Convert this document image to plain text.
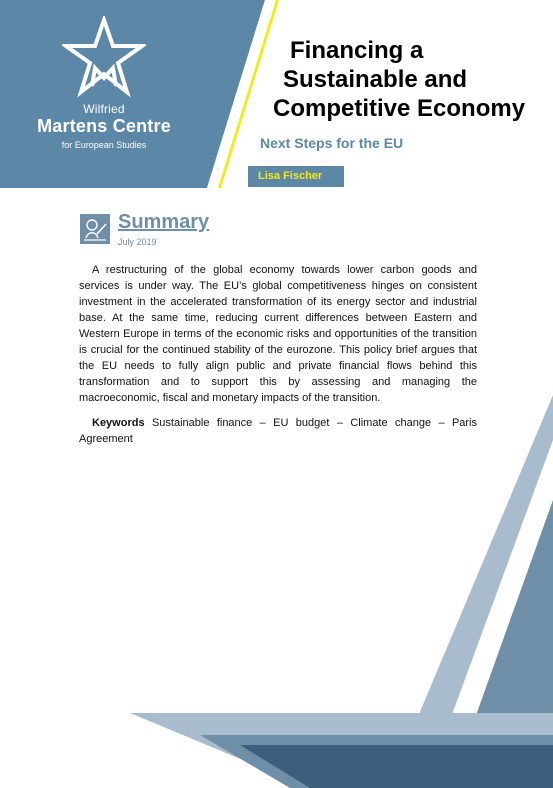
Wilfried
Martens Centre
for European Studies
Financing a
Sustainable and
Competitive Economy
Next Steps for the EU
Lisa Fischer
Summary
July 2019

A restructuring of the global economy towards lower carbon goods and services is under way. The EU’s global competitiveness hinges on consistent investment in the accelerated transformation of its energy sector and industrial base. At the same time, reducing current differences between Eastern and Western Europe in terms of the economic risks and opportunities of the transition is crucial for the continued stability of the eurozone. This policy brief argues that the EU needs to fully align public and private financial flows behind this transformation and to support this by assessing and managing the macroeconomic, fiscal and monetary impacts of the transition.

Keywords Sustainable finance – EU budget – Climate change – Paris Agreement
